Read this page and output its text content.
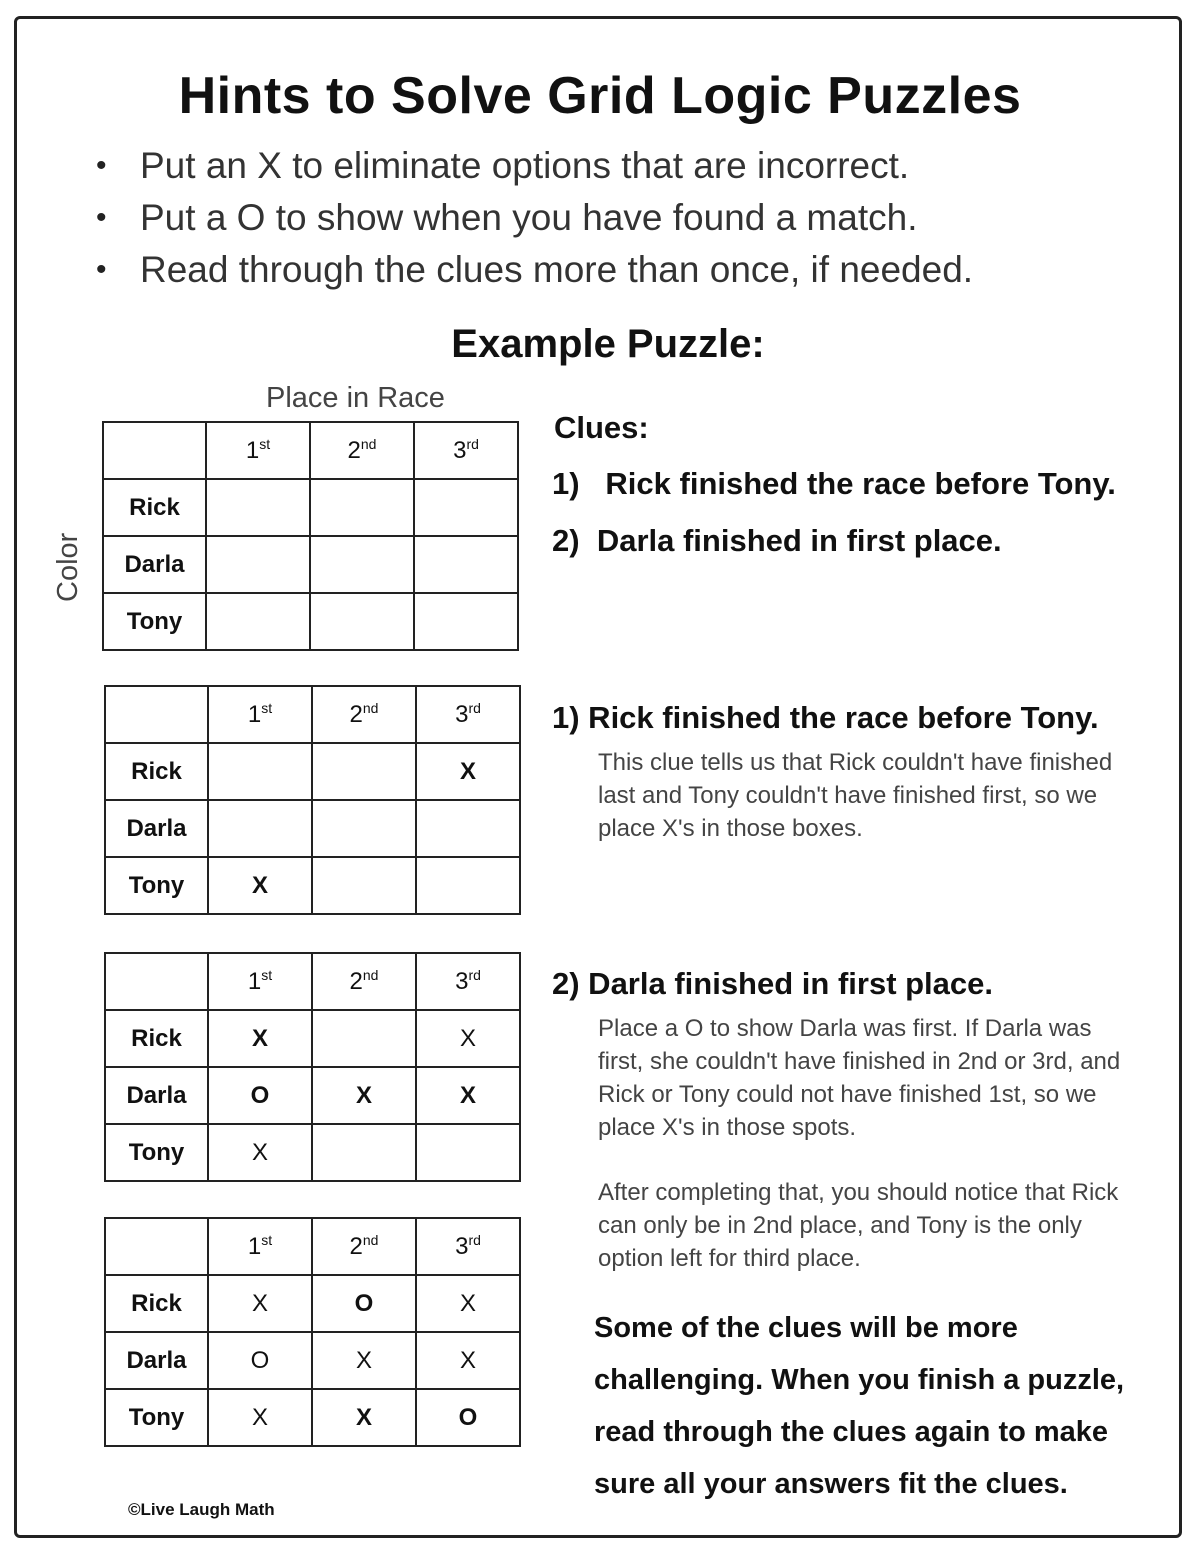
Hints to Solve Grid Logic Puzzles
• Put an X to eliminate options that are incorrect.
• Put a O to show when you have found a match.
• Read through the clues more than once, if needed.
Example Puzzle:
Place in Race
Color
	1st	2nd	3rd
Rick			
Darla			
Tony			
	1st	2nd	3rd
Rick			X
Darla			
Tony	X		
	1st	2nd	3rd
Rick	X		X
Darla	O	X	X
Tony	X		
	1st	2nd	3rd
Rick	X	O	X
Darla	O	X	X
Tony	X	X	O
Clues:
1) Rick finished the race before Tony.
2) Darla finished in first place.
1) Rick finished the race before Tony.
This clue tells us that Rick couldn't have finished last and Tony couldn't have finished first, so we place X's in those boxes.
2) Darla finished in first place.
Place a O to show Darla was first. If Darla was first, she couldn't have finished in 2nd or 3rd, and Rick or Tony could not have finished 1st, so we place X's in those spots.
After completing that, you should notice that Rick can only be in 2nd place, and Tony is the only option left for third place.
Some of the clues will be more challenging. When you finish a puzzle, read through the clues again to make sure all your answers fit the clues.
©Live Laugh Math
